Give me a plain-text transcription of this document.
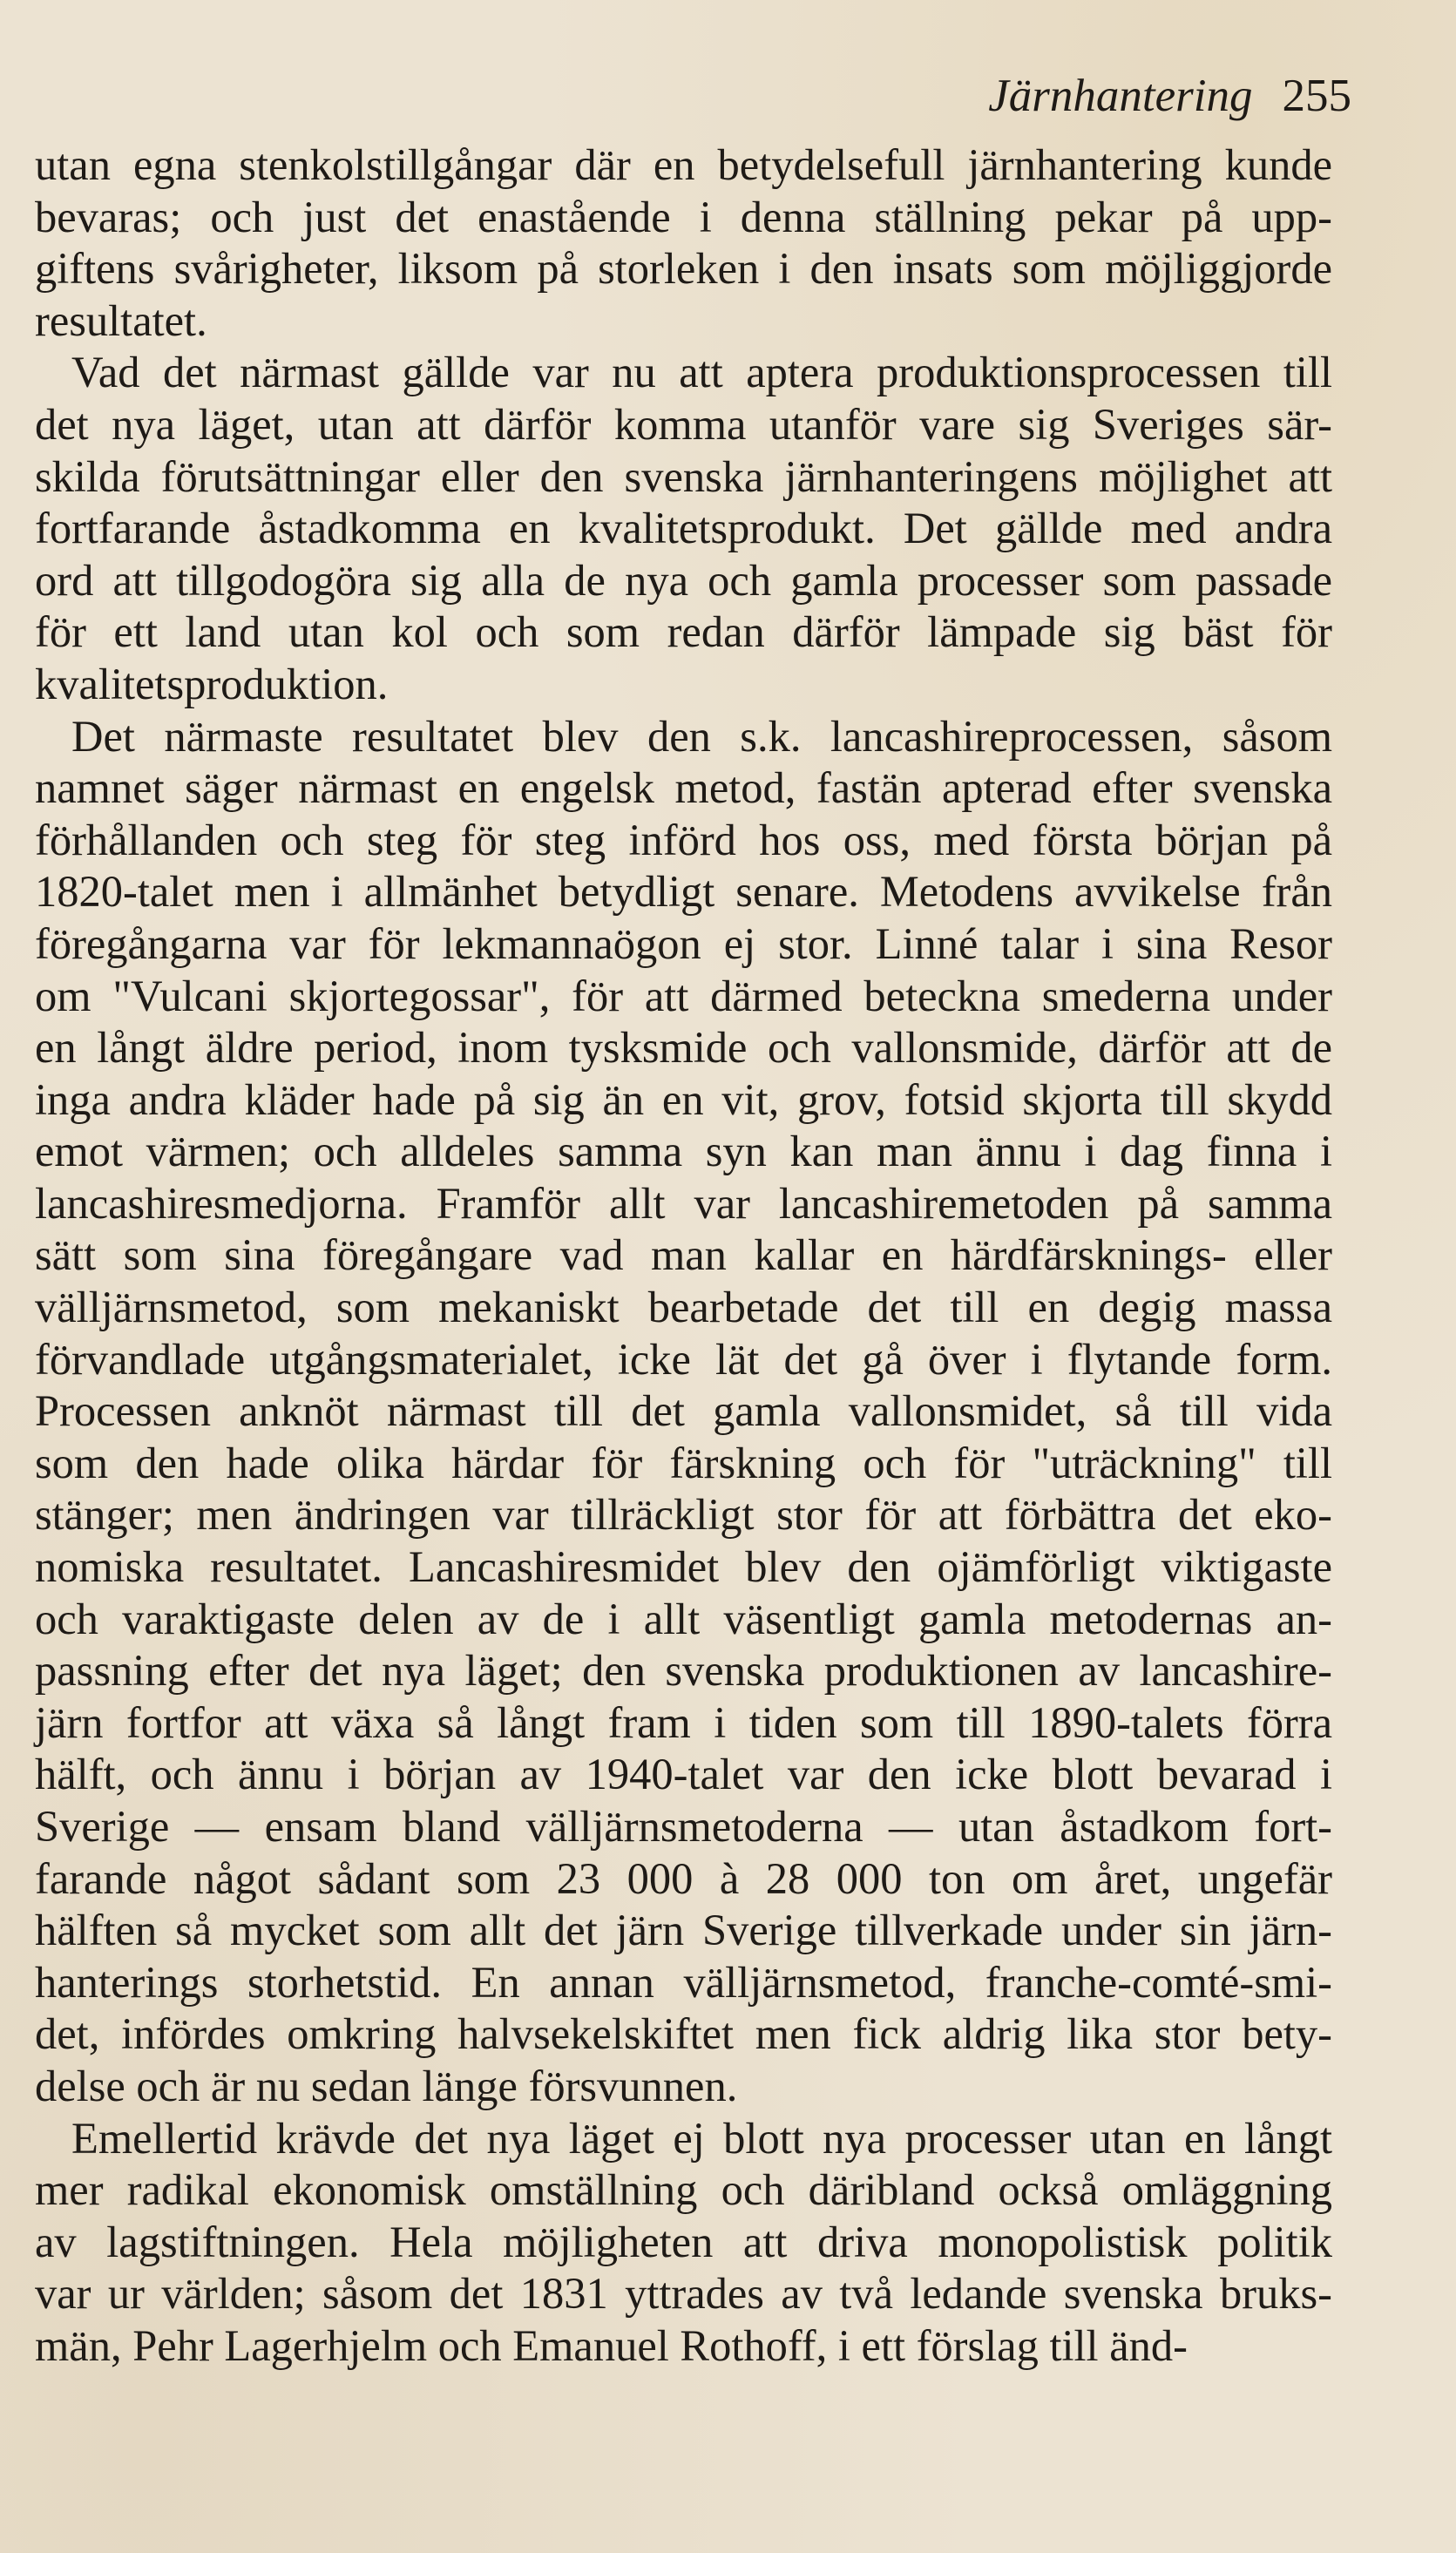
Järnhantering 255

utan egna stenkolstillgångar där en betydelsefull järnhantering kunde
bevaras; och just det enastående i denna ställning pekar på upp-
giftens svårigheter, liksom på storleken i den insats som möjliggjorde
resultatet.

Vad det närmast gällde var nu att aptera produktionsprocessen till
det nya läget, utan att därför komma utanför vare sig Sveriges sär-
skilda förutsättningar eller den svenska järnhanteringens möjlighet att
fortfarande åstadkomma en kvalitetsprodukt. Det gällde med andra
ord att tillgodogöra sig alla de nya och gamla processer som passade
för ett land utan kol och som redan därför lämpade sig bäst för
kvalitetsproduktion.

Det närmaste resultatet blev den s.k. lancashireprocessen, såsom
namnet säger närmast en engelsk metod, fastän apterad efter svenska
förhållanden och steg för steg införd hos oss, med första början på
1820-talet men i allmänhet betydligt senare. Metodens avvikelse från
föregångarna var för lekmannaögon ej stor. Linné talar i sina Resor
om "Vulcani skjortegossar", för att därmed beteckna smederna under
en långt äldre period, inom tysksmide och vallonsmide, därför att de
inga andra kläder hade på sig än en vit, grov, fotsid skjorta till skydd
emot värmen; och alldeles samma syn kan man ännu i dag finna i
lancashiresmedjorna. Framför allt var lancashiremetoden på samma
sätt som sina föregångare vad man kallar en härdfärsknings- eller
välljärnsmetod, som mekaniskt bearbetade det till en degig massa
förvandlade utgångsmaterialet, icke lät det gå över i flytande form.
Processen anknöt närmast till det gamla vallonsmidet, så till vida
som den hade olika härdar för färskning och för "uträckning" till
stänger; men ändringen var tillräckligt stor för att förbättra det eko-
nomiska resultatet. Lancashiresmidet blev den ojämförligt viktigaste
och varaktigaste delen av de i allt väsentligt gamla metodernas an-
passning efter det nya läget; den svenska produktionen av lancashire-
järn fortfor att växa så långt fram i tiden som till 1890-talets förra
hälft, och ännu i början av 1940-talet var den icke blott bevarad i
Sverige — ensam bland välljärnsmetoderna — utan åstadkom fort-
farande något sådant som 23 000 à 28 000 ton om året, ungefär
hälften så mycket som allt det järn Sverige tillverkade under sin järn-
hanterings storhetstid. En annan välljärnsmetod, franche-comté-smi-
det, infördes omkring halvsekelskiftet men fick aldrig lika stor bety-
delse och är nu sedan länge försvunnen.

Emellertid krävde det nya läget ej blott nya processer utan en långt
mer radikal ekonomisk omställning och däribland också omläggning
av lagstiftningen. Hela möjligheten att driva monopolistisk politik
var ur världen; såsom det 1831 yttrades av två ledande svenska bruks-
män, Pehr Lagerhjelm och Emanuel Rothoff, i ett förslag till änd-
